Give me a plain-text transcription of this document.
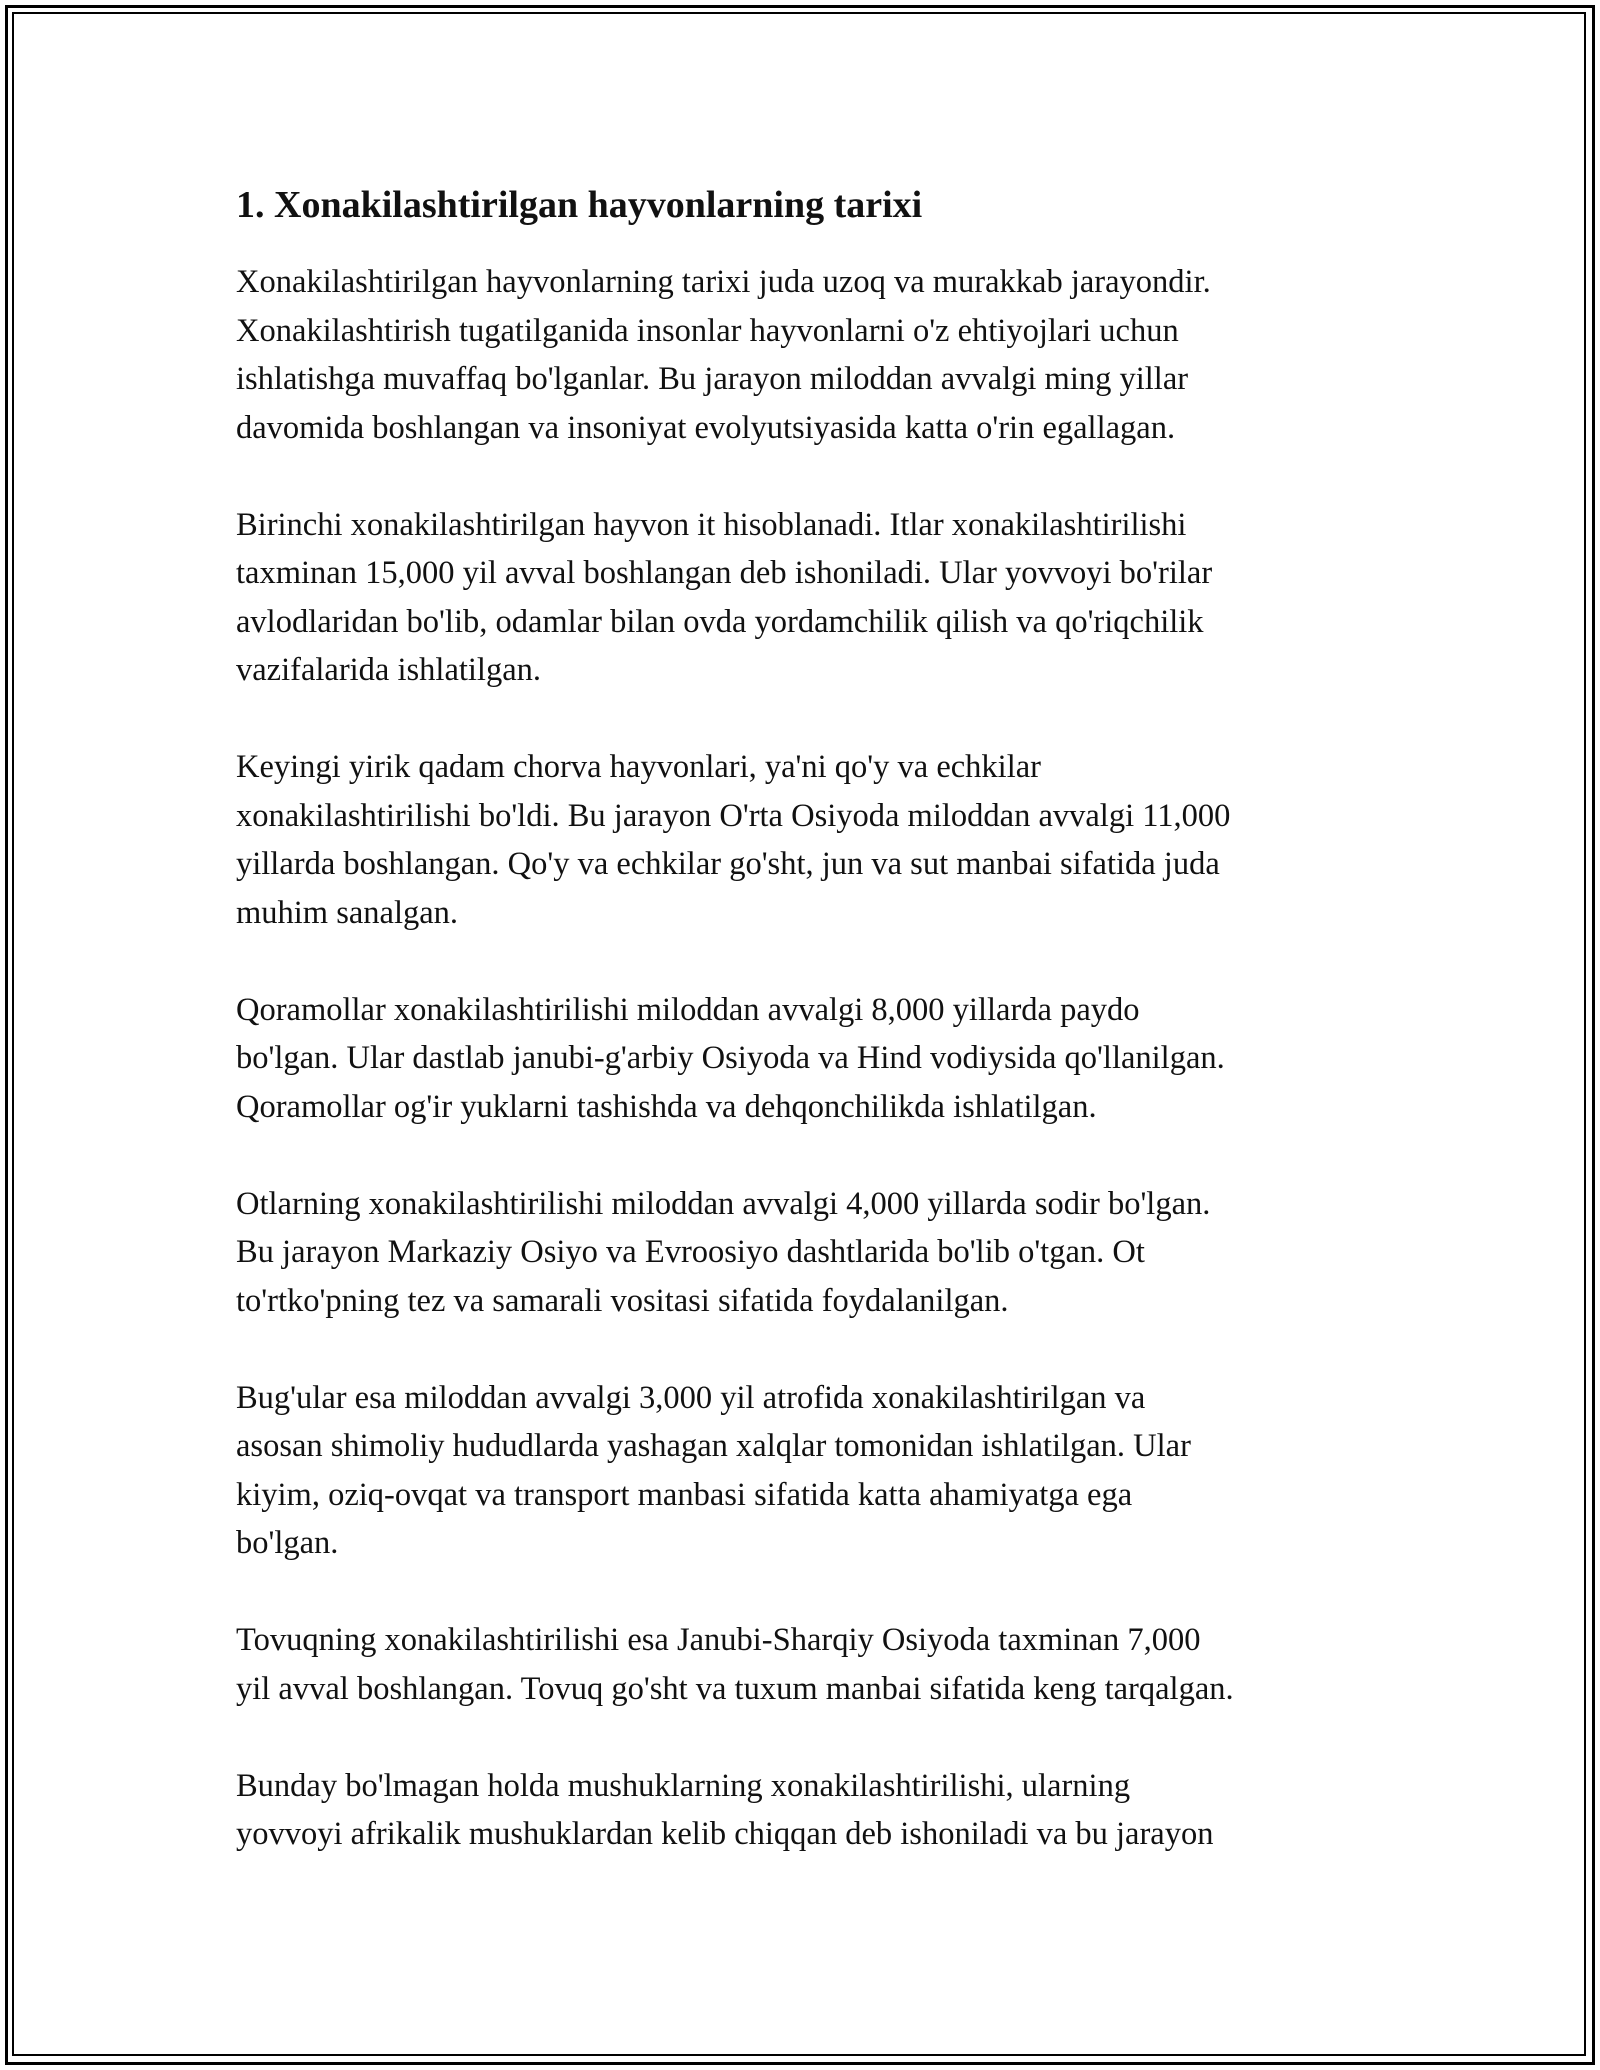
1. Xonakilashtirilgan hayvonlarning tarixi

Xonakilashtirilgan hayvonlarning tarixi juda uzoq va murakkab jarayondir.
Xonakilashtirish tugatilganida insonlar hayvonlarni o'z ehtiyojlari uchun
ishlatishga muvaffaq bo'lganlar. Bu jarayon miloddan avvalgi ming yillar
davomida boshlangan va insoniyat evolyutsiyasida katta o'rin egallagan.

Birinchi xonakilashtirilgan hayvon it hisoblanadi. Itlar xonakilashtirilishi
taxminan 15,000 yil avval boshlangan deb ishoniladi. Ular yovvoyi bo'rilar
avlodlaridan bo'lib, odamlar bilan ovda yordamchilik qilish va qo'riqchilik
vazifalarida ishlatilgan.

Keyingi yirik qadam chorva hayvonlari, ya'ni qo'y va echkilar
xonakilashtirilishi bo'ldi. Bu jarayon O'rta Osiyoda miloddan avvalgi 11,000
yillarda boshlangan. Qo'y va echkilar go'sht, jun va sut manbai sifatida juda
muhim sanalgan.

Qoramollar xonakilashtirilishi miloddan avvalgi 8,000 yillarda paydo
bo'lgan. Ular dastlab janubi-g'arbiy Osiyoda va Hind vodiysida qo'llanilgan.
Qoramollar og'ir yuklarni tashishda va dehqonchilikda ishlatilgan.

Otlarning xonakilashtirilishi miloddan avvalgi 4,000 yillarda sodir bo'lgan.
Bu jarayon Markaziy Osiyo va Evroosiyo dashtlarida bo'lib o'tgan. Ot
to'rtko'pning tez va samarali vositasi sifatida foydalanilgan.

Bug'ular esa miloddan avvalgi 3,000 yil atrofida xonakilashtirilgan va
asosan shimoliy hududlarda yashagan xalqlar tomonidan ishlatilgan. Ular
kiyim, oziq-ovqat va transport manbasi sifatida katta ahamiyatga ega
bo'lgan.

Tovuqning xonakilashtirilishi esa Janubi-Sharqiy Osiyoda taxminan 7,000
yil avval boshlangan. Tovuq go'sht va tuxum manbai sifatida keng tarqalgan.

Bunday bo'lmagan holda mushuklarning xonakilashtirilishi, ularning
yovvoyi afrikalik mushuklardan kelib chiqqan deb ishoniladi va bu jarayon
